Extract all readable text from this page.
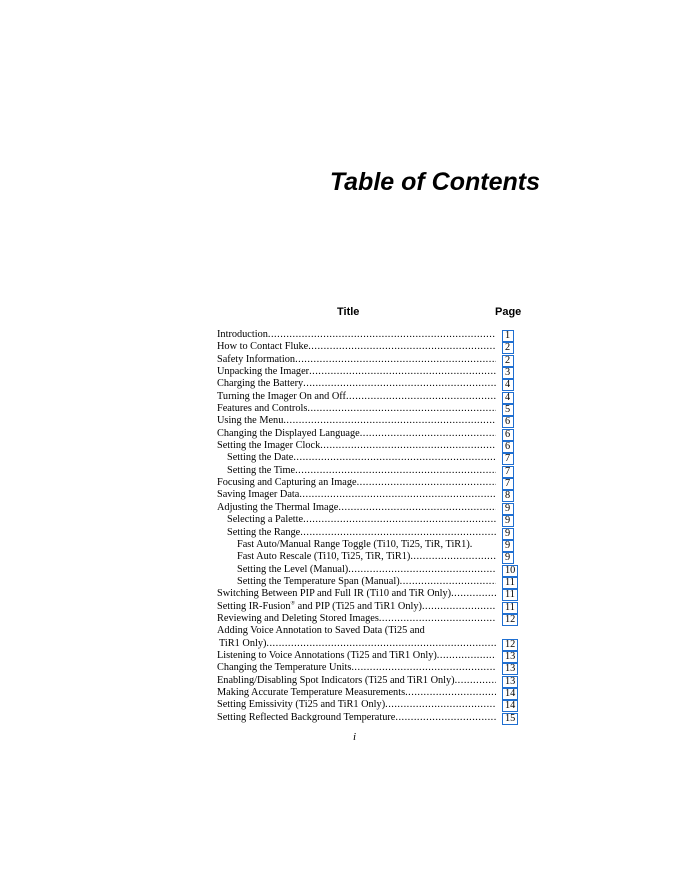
Table of Contents
Title	Page
Introduction .....	1
How to Contact Fluke .....	2
Safety Information .....	2
Unpacking the Imager .....	3
Charging the Battery .....	4
Turning the Imager On and Off .....	4
Features and Controls .....	5
Using the Menu .....	6
Changing the Displayed Language .....	6
Setting the Imager Clock .....	6
Setting the Date .....	7
Setting the Time .....	7
Focusing and Capturing an Image .....	7
Saving Imager Data .....	8
Adjusting the Thermal Image .....	9
Selecting a Palette .....	9
Setting the Range .....	9
Fast Auto/Manual Range Toggle (Ti10, Ti25, TiR, TiR1).	9
Fast Auto Rescale (Ti10, Ti25, TiR, TiR1) .....	9
Setting the Level (Manual) .....	10
Setting the Temperature Span (Manual) .....	11
Switching Between PIP and Full IR (Ti10 and TiR Only) .....	11
Setting IR-Fusion® and PIP (Ti25 and TiR1 Only) .....	11
Reviewing and Deleting Stored Images .....	12
Adding Voice Annotation to Saved Data (Ti25 and
TiR1 Only) .....	12
Listening to Voice Annotations (Ti25 and TiR1 Only) .....	13
Changing the Temperature Units .....	13
Enabling/Disabling Spot Indicators (Ti25 and TiR1 Only) .....	13
Making Accurate Temperature Measurements .....	14
Setting Emissivity (Ti25 and TiR1 Only) .....	14
Setting Reflected Background Temperature .....	15
i
